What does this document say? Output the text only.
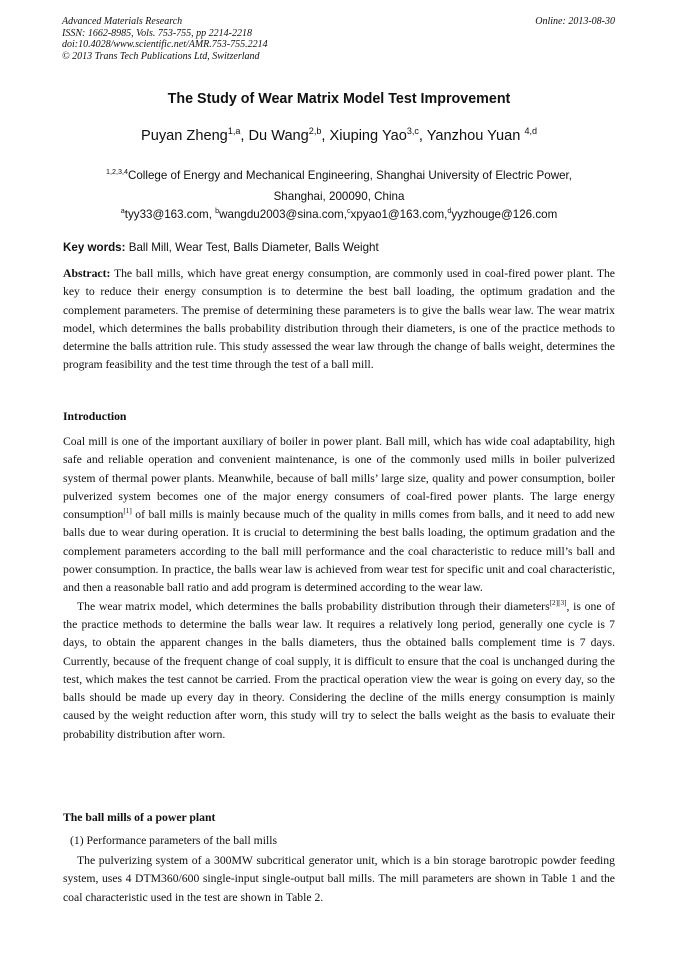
Advanced Materials Research
ISSN: 1662-8985, Vols. 753-755, pp 2214-2218
doi:10.4028/www.scientific.net/AMR.753-755.2214
© 2013 Trans Tech Publications Ltd, Switzerland
Online: 2013-08-30
The Study of Wear Matrix Model Test Improvement
Puyan Zheng$^{1,a}$, Du Wang$^{2,b}$, Xiuping Yao$^{3,c}$, Yanzhou Yuan $^{4,d}$
$^{1,2,3,4}$College of Energy and Mechanical Engineering, Shanghai University of Electric Power,
Shanghai, 200090, China
$^a$tyy33@163.com, $^b$wangdu2003@sina.com,$^c$xpyao1@163.com,$^d$yyzhouge@126.com
Key words: Ball Mill, Wear Test, Balls Diameter, Balls Weight

Abstract: The ball mills, which have great energy consumption, are commonly used in coal-fired power plant. The key to reduce their energy consumption is to determine the best ball loading, the optimum gradation and the complement parameters. The premise of determining these parameters is to give the balls wear law. The wear matrix model, which determines the balls probability distribution through their diameters, is one of the practice methods to determine the balls attrition rule. This study assessed the wear law through the change of balls weight, determines the program feasibility and the test time through the test of a ball mill.

Introduction

Coal mill is one of the important auxiliary of boiler in power plant. Ball mill, which has wide coal adaptability, high safe and reliable operation and convenient maintenance, is one of the commonly used mills in boiler pulverized system of thermal power plants. Meanwhile, because of ball mills’ large size, quality and power consumption, boiler pulverized system becomes one of the major energy consumers of coal-fired power plants. The large energy consumption[1] of ball mills is mainly because much of the quality in mills comes from balls, and it need to add new balls due to wear during operation. It is crucial to determining the best balls loading, the optimum gradation and the complement parameters according to the ball mill performance and the coal characteristic to reduce mill’s ball and power consumption. In practice, the balls wear law is achieved from wear test for specific unit and coal characteristic, and then a reasonable ball ratio and add program is determined according to the wear law.

The wear matrix model, which determines the balls probability distribution through their diameters[2][3], is one of the practice methods to determine the balls wear law. It requires a relatively long period, generally one cycle is 7 days, to obtain the apparent changes in the balls diameters, thus the obtained balls complement time is 7 days. Currently, because of the frequent change of coal supply, it is difficult to ensure that the coal is unchanged during the test, which makes the test cannot be carried. From the practical operation view the wear is going on every day, so the balls should be made up every day in theory. Considering the decline of the mills energy consumption is mainly caused by the weight reduction after worn, this study will try to select the balls weight as the basis to evaluate their probability distribution after worn.

The ball mills of a power plant
(1) Performance parameters of the ball mills

The pulverizing system of a 300MW subcritical generator unit, which is a bin storage barotropic powder feeding system, uses 4 DTM360/600 single-input single-output ball mills. The mill parameters are shown in Table 1 and the coal characteristic used in the test are shown in Table 2.
